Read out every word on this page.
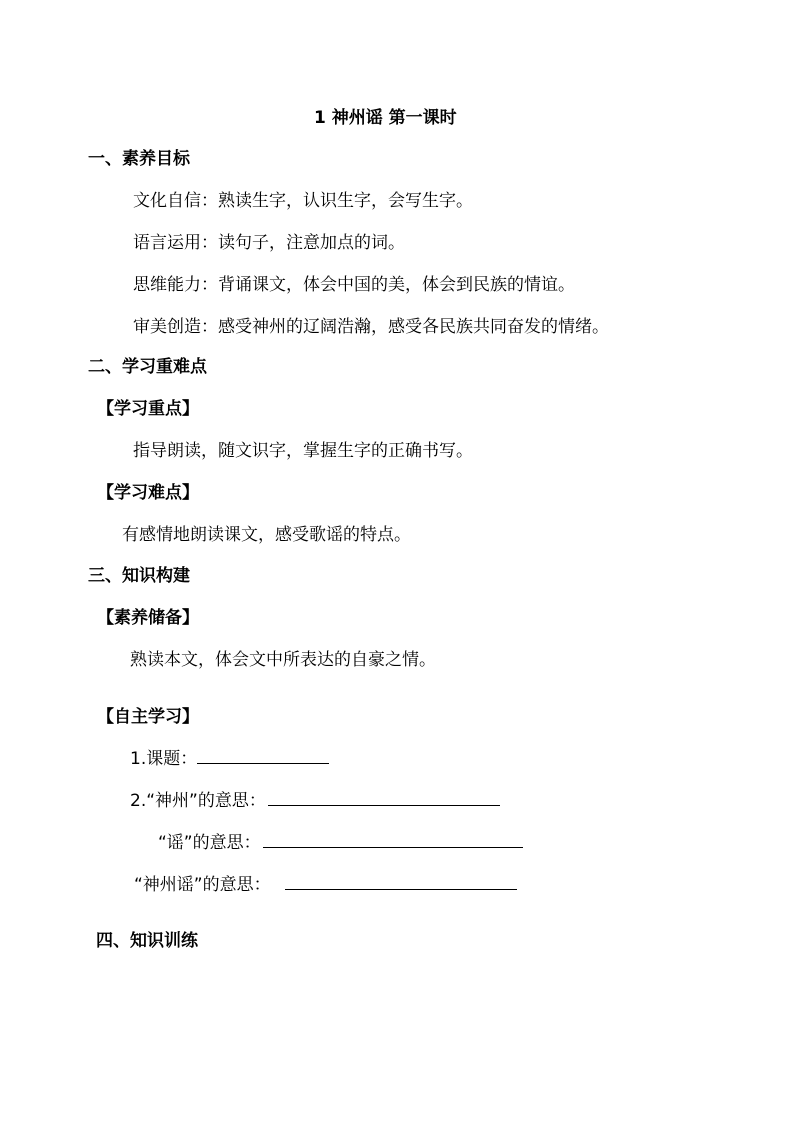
1 神州谣 第一课时
一、素养目标
文化自信：熟读生字，认识生字，会写生字。
语言运用：读句子，注意加点的词。
思维能力：背诵课文，体会中国的美，体会到民族的情谊。
审美创造：感受神州的辽阔浩瀚，感受各民族共同奋发的情绪。
二、学习重难点
【学习重点】
指导朗读，随文识字，掌握生字的正确书写。
【学习难点】
有感情地朗读课文，感受歌谣的特点。
三、知识构建
【素养储备】
熟读本文，体会文中所表达的自豪之情。
【自主学习】
1.课题：
2.“神州”的意思：
“谣”的意思：
“神州谣”的意思：
四、知识训练
